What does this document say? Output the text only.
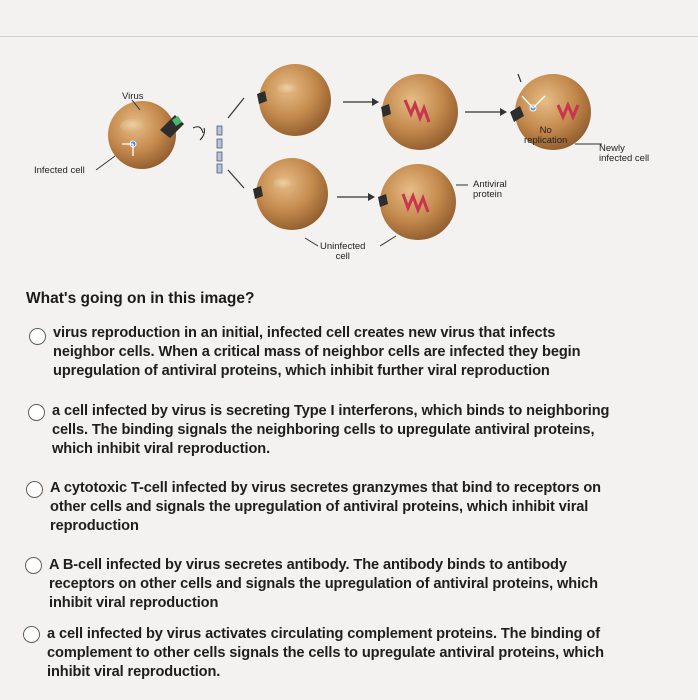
Virus
Infected cell
No
replication
Newly
infected cell
Antiviral
protein
Uninfected
cell
What's going on in this image?
virus reproduction in an initial, infected cell creates new virus that infects
neighbor cells. When a critical mass of neighbor cells are infected they begin
upregulation of antiviral proteins, which inhibit further viral reproduction
a cell infected by virus is secreting Type I interferons, which binds to neighboring
cells. The binding signals the neighboring cells to upregulate antiviral proteins,
which inhibit viral reproduction.
A cytotoxic T-cell infected by virus secretes granzymes that bind to receptors on
other cells and signals the upregulation of antiviral proteins, which inhibit viral
reproduction
A B-cell infected by virus secretes antibody. The antibody binds to antibody
receptors on other cells and signals the upregulation of antiviral proteins, which
inhibit viral reproduction
a cell infected by virus activates circulating complement proteins. The binding of
complement to other cells signals the cells to upregulate antiviral proteins, which
inhibit viral reproduction.
